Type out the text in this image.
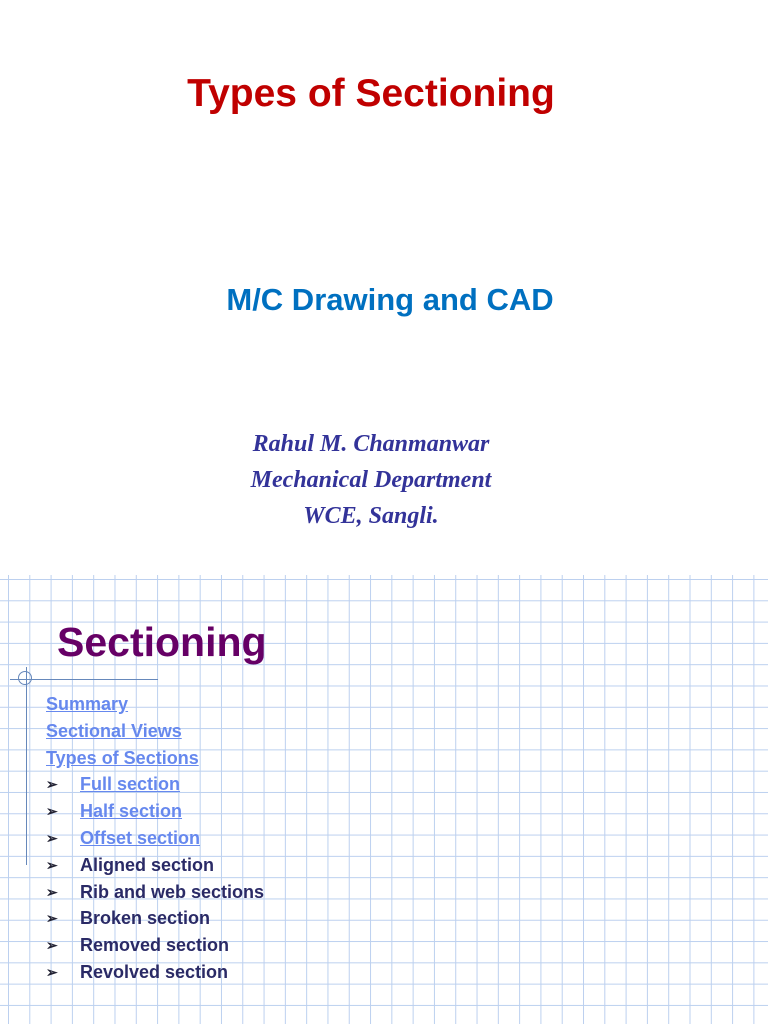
Types of Sectioning
M/C Drawing and CAD
Rahul M. Chanmanwar
Mechanical Department
WCE, Sangli.
Sectioning
Summary
Sectional Views
Types of Sections
➢ Full section
➢ Half section
➢ Offset section
➢ Aligned section
➢ Rib and web sections
➢ Broken section
➢ Removed section
➢ Revolved section
